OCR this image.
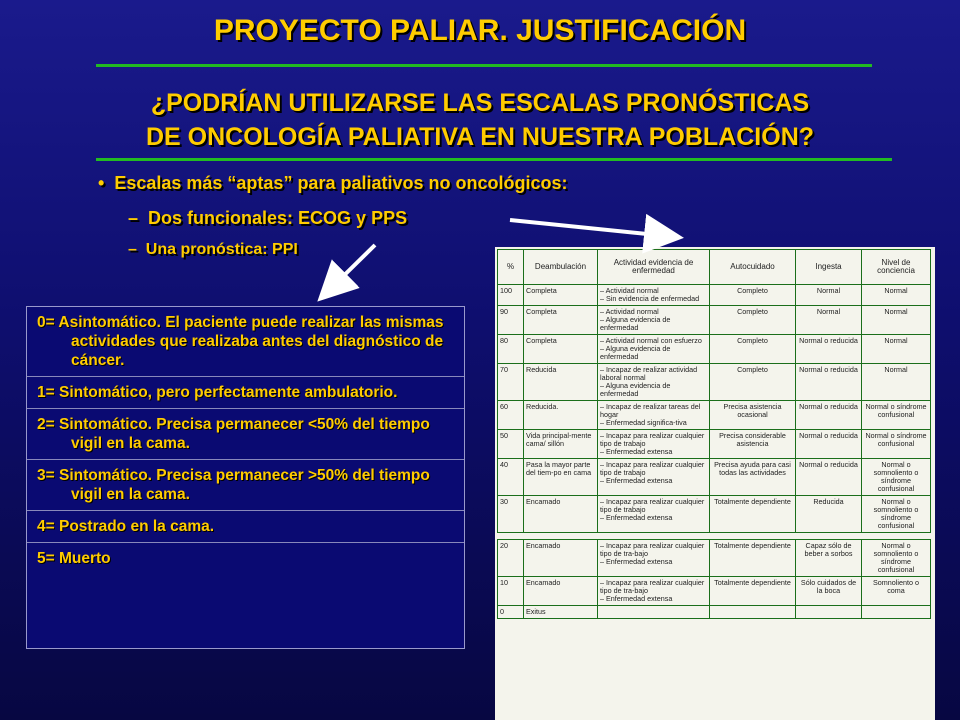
PROYECTO PALIAR. JUSTIFICACIÓN
¿PODRÍAN UTILIZARSE LAS ESCALAS PRONÓSTICAS
DE ONCOLOGÍA PALIATIVA EN NUESTRA POBLACIÓN?
• Escalas más “aptas” para paliativos no oncológicos:
– Dos funcionales: ECOG y PPS
– Una pronóstica: PPI
0= Asintomático. El paciente puede realizar las mismas actividades que realizaba antes del diagnóstico de cáncer.
1= Sintomático, pero perfectamente ambulatorio.
2= Sintomático. Precisa permanecer <50% del tiempo vigil en la cama.
3= Sintomático. Precisa permanecer >50% del tiempo vigil en la cama.
4= Postrado en la cama.
5= Muerto
%	Deambulación	Actividad evidencia de enfermedad	Autocuidado	Ingesta	Nivel de conciencia
100	Completa	– Actividad normal
– Sin evidencia de enfermedad	Completo	Normal	Normal
90	Completa	– Actividad normal
– Alguna evidencia de enfermedad	Completo	Normal	Normal
80	Completa	– Actividad normal con esfuerzo
– Alguna evidencia de enfermedad	Completo	Normal o reducida	Normal
70	Reducida	– Incapaz de realizar actividad laboral normal
– Alguna evidencia de enfermedad	Completo	Normal o reducida	Normal
60	Reducida.	– Incapaz de realizar tareas del hogar
– Enfermedad significa-tiva	Precisa asistencia ocasional	Normal o reducida	Normal o síndrome confusional
50	Vida principal-mente cama/ sillón	– Incapaz para realizar cualquier tipo de trabajo
– Enfermedad extensa	Precisa considerable asistencia	Normal o reducida	Normal o síndrome confusional
40	Pasa la mayor parte del tiem-po en cama	– Incapaz para realizar cualquier tipo de trabajo
– Enfermedad extensa	Precisa ayuda para casi todas las actividades	Normal o reducida	Normal o somnoliento o síndrome confusional
30	Encamado	– Incapaz para realizar cualquier tipo de trabajo
– Enfermedad extensa	Totalmente dependiente	Reducida	Normal o somnoliento o síndrome confusional
20	Encamado	– Incapaz para realizar cualquier tipo de tra-bajo
– Enfermedad extensa	Totalmente dependiente	Capaz sólo de beber a sorbos	Normal o somnoliento o síndrome confusional
10	Encamado	– Incapaz para realizar cualquier tipo de tra-bajo
– Enfermedad extensa	Totalmente dependiente	Sólo cuidados de la boca	Somnoliento o coma
0	Exitus				
